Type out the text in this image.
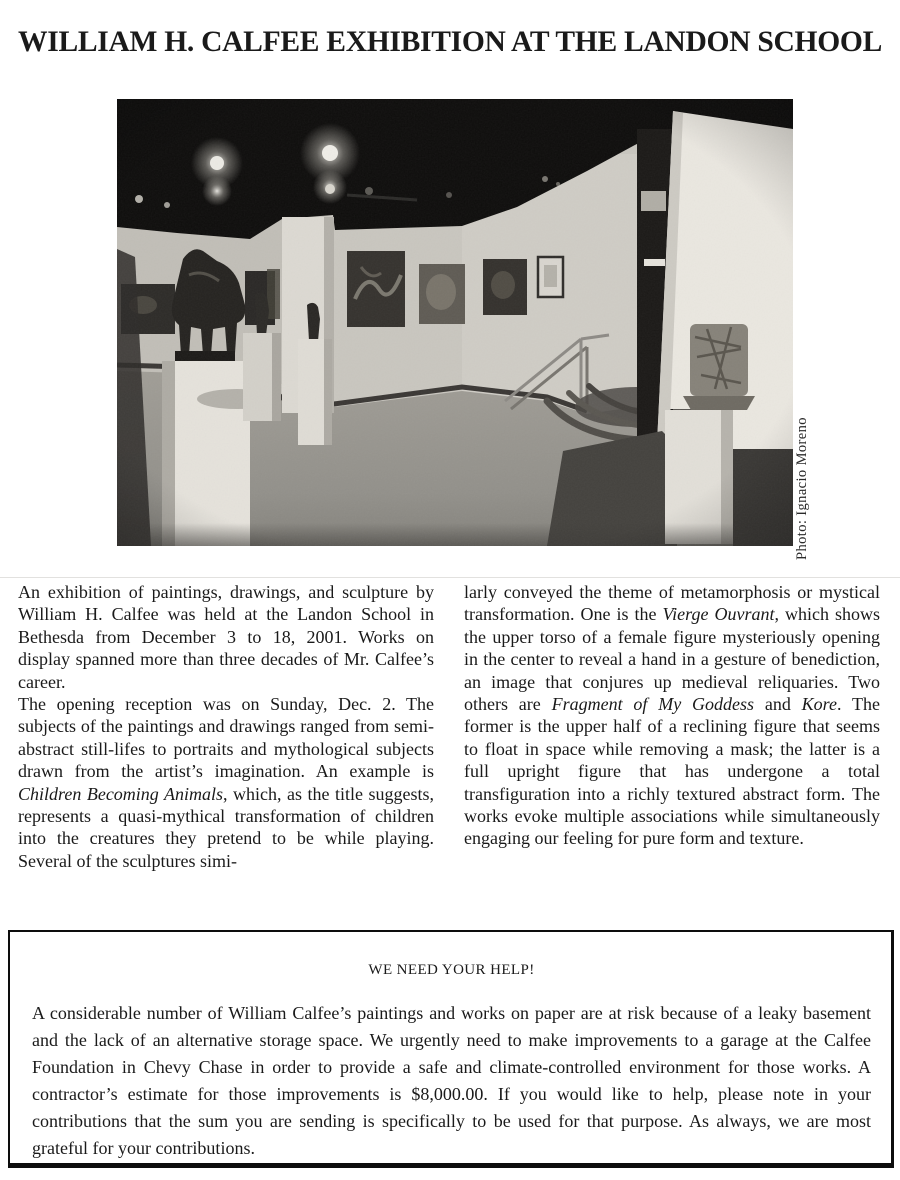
WILLIAM H. CALFEE EXHIBITION AT THE LANDON SCHOOL
Photo: Ignacio Moreno

An exhibition of paintings, drawings, and sculpture by William H. Calfee was held at the Landon School in Bethesda from December 3 to 18, 2001. Works on display spanned more than three decades of Mr. Calfee’s career.

The opening reception was on Sunday, Dec. 2. The subjects of the paintings and drawings ranged from semi-abstract still-lifes to portraits and mythological subjects drawn from the artist’s imagination. An example is Children Becoming Animals, which, as the title suggests, represents a quasi-mythical transformation of children into the creatures they pretend to be while playing. Several of the sculptures simi-

larly conveyed the theme of metamorphosis or mystical transformation. One is the Vierge Ouvrant, which shows the upper torso of a female figure mysteriously opening in the center to reveal a hand in a gesture of benediction, an image that conjures up medieval reliquaries. Two others are Fragment of My Goddess and Kore. The former is the upper half of a reclining figure that seems to float in space while removing a mask; the latter is a full upright figure that has undergone a total transfiguration into a richly textured abstract form. The works evoke multiple associations while simultaneously engaging our feeling for pure form and texture.

WE NEED YOUR HELP!

A considerable number of William Calfee’s paintings and works on paper are at risk because of a leaky basement and the lack of an alternative storage space. We urgently need to make improvements to a garage at the Calfee Foundation in Chevy Chase in order to provide a safe and climate-controlled environment for those works. A contractor’s estimate for those improvements is $8,000.00. If you would like to help, please note in your contributions that the sum you are sending is specifically to be used for that purpose. As always, we are most grateful for your contributions.
